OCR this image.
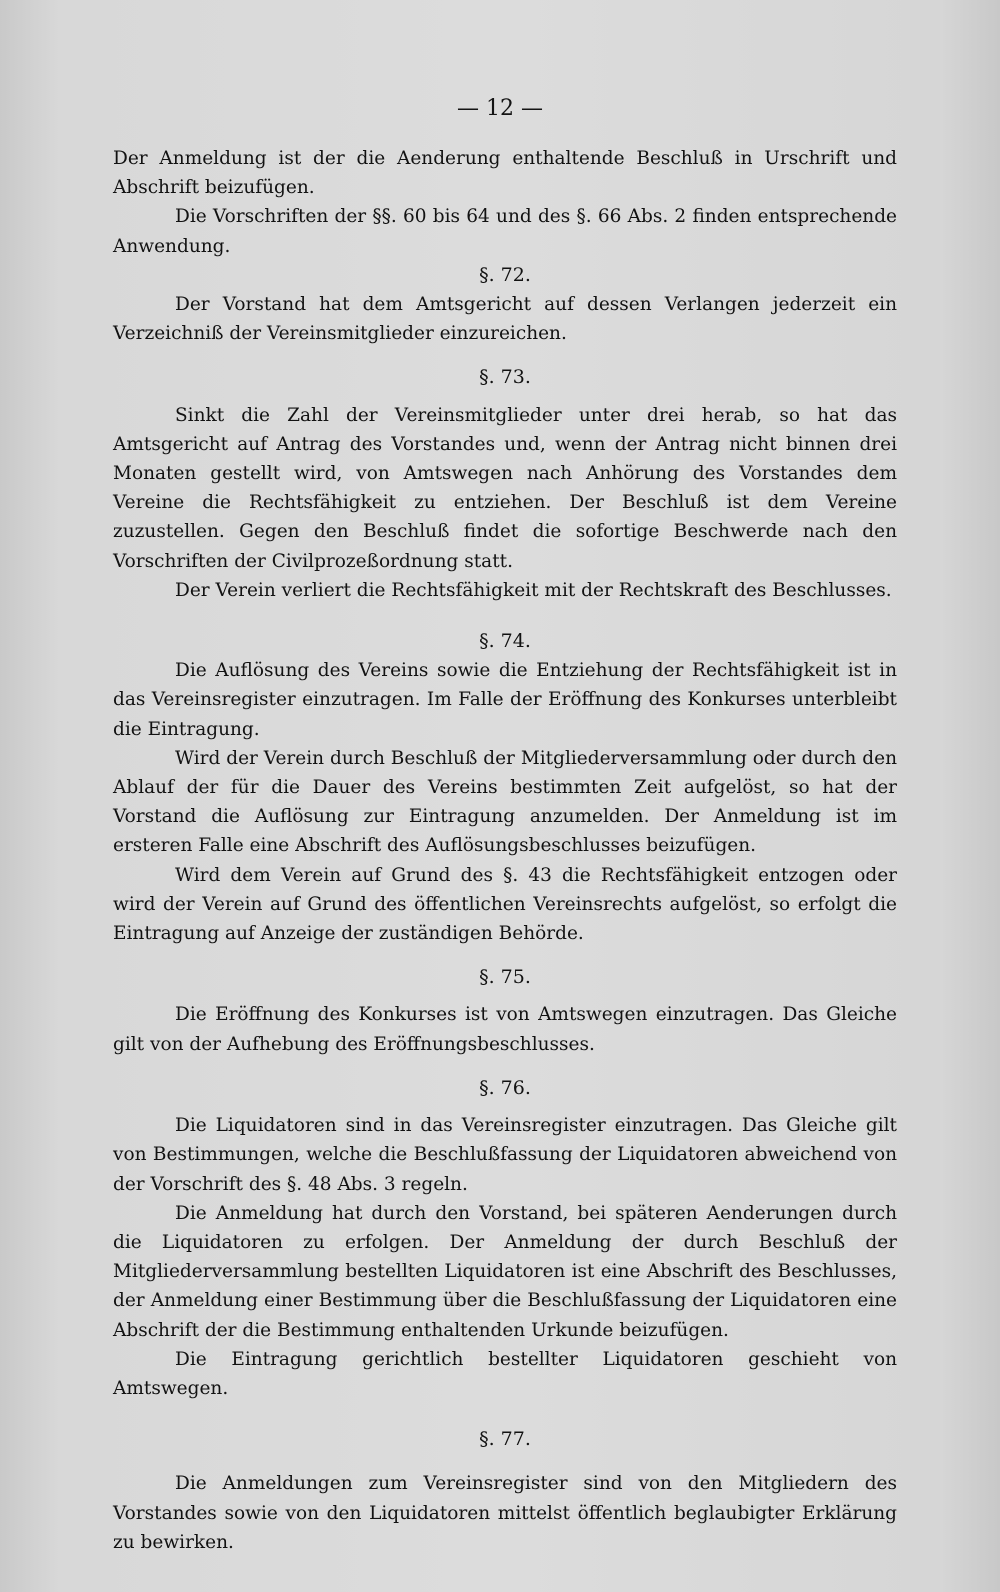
— 12 —

Der Anmeldung ist der die Aenderung enthaltende Beschluß in Urschrift und Abschrift beizufügen.

Die Vorschriften der §§. 60 bis 64 und des §. 66 Abs. 2 finden entsprechende Anwendung.

§. 72.

Der Vorstand hat dem Amtsgericht auf dessen Verlangen jederzeit ein Verzeichniß der Vereinsmitglieder einzureichen.

§. 73.

Sinkt die Zahl der Vereinsmitglieder unter drei herab, so hat das Amtsgericht auf Antrag des Vorstandes und, wenn der Antrag nicht binnen drei Monaten gestellt wird, von Amtswegen nach Anhörung des Vorstandes dem Vereine die Rechtsfähigkeit zu entziehen. Der Beschluß ist dem Vereine zuzustellen. Gegen den Beschluß findet die sofortige Beschwerde nach den Vorschriften der Civilprozeßordnung statt.

Der Verein verliert die Rechtsfähigkeit mit der Rechtskraft des Beschlusses.

§. 74.

Die Auflösung des Vereins sowie die Entziehung der Rechtsfähigkeit ist in das Vereinsregister einzutragen. Im Falle der Eröffnung des Konkurses unterbleibt die Eintragung.

Wird der Verein durch Beschluß der Mitgliederversammlung oder durch den Ablauf der für die Dauer des Vereins bestimmten Zeit aufgelöst, so hat der Vorstand die Auflösung zur Eintragung anzumelden. Der Anmeldung ist im ersteren Falle eine Abschrift des Auflösungsbeschlusses beizufügen.

Wird dem Verein auf Grund des §. 43 die Rechtsfähigkeit entzogen oder wird der Verein auf Grund des öffentlichen Vereinsrechts aufgelöst, so erfolgt die Eintragung auf Anzeige der zuständigen Behörde.

§. 75.

Die Eröffnung des Konkurses ist von Amtswegen einzutragen. Das Gleiche gilt von der Aufhebung des Eröffnungsbeschlusses.

§. 76.

Die Liquidatoren sind in das Vereinsregister einzutragen. Das Gleiche gilt von Bestimmungen, welche die Beschlußfassung der Liquidatoren abweichend von der Vorschrift des §. 48 Abs. 3 regeln.

Die Anmeldung hat durch den Vorstand, bei späteren Aenderungen durch die Liquidatoren zu erfolgen. Der Anmeldung der durch Beschluß der Mitgliederversammlung bestellten Liquidatoren ist eine Abschrift des Beschlusses, der Anmeldung einer Bestimmung über die Beschlußfassung der Liquidatoren eine Abschrift der die Bestimmung enthaltenden Urkunde beizufügen.

Die Eintragung gerichtlich bestellter Liquidatoren geschieht von Amtswegen.

§. 77.

Die Anmeldungen zum Vereinsregister sind von den Mitgliedern des Vorstandes sowie von den Liquidatoren mittelst öffentlich beglaubigter Erklärung zu bewirken.
